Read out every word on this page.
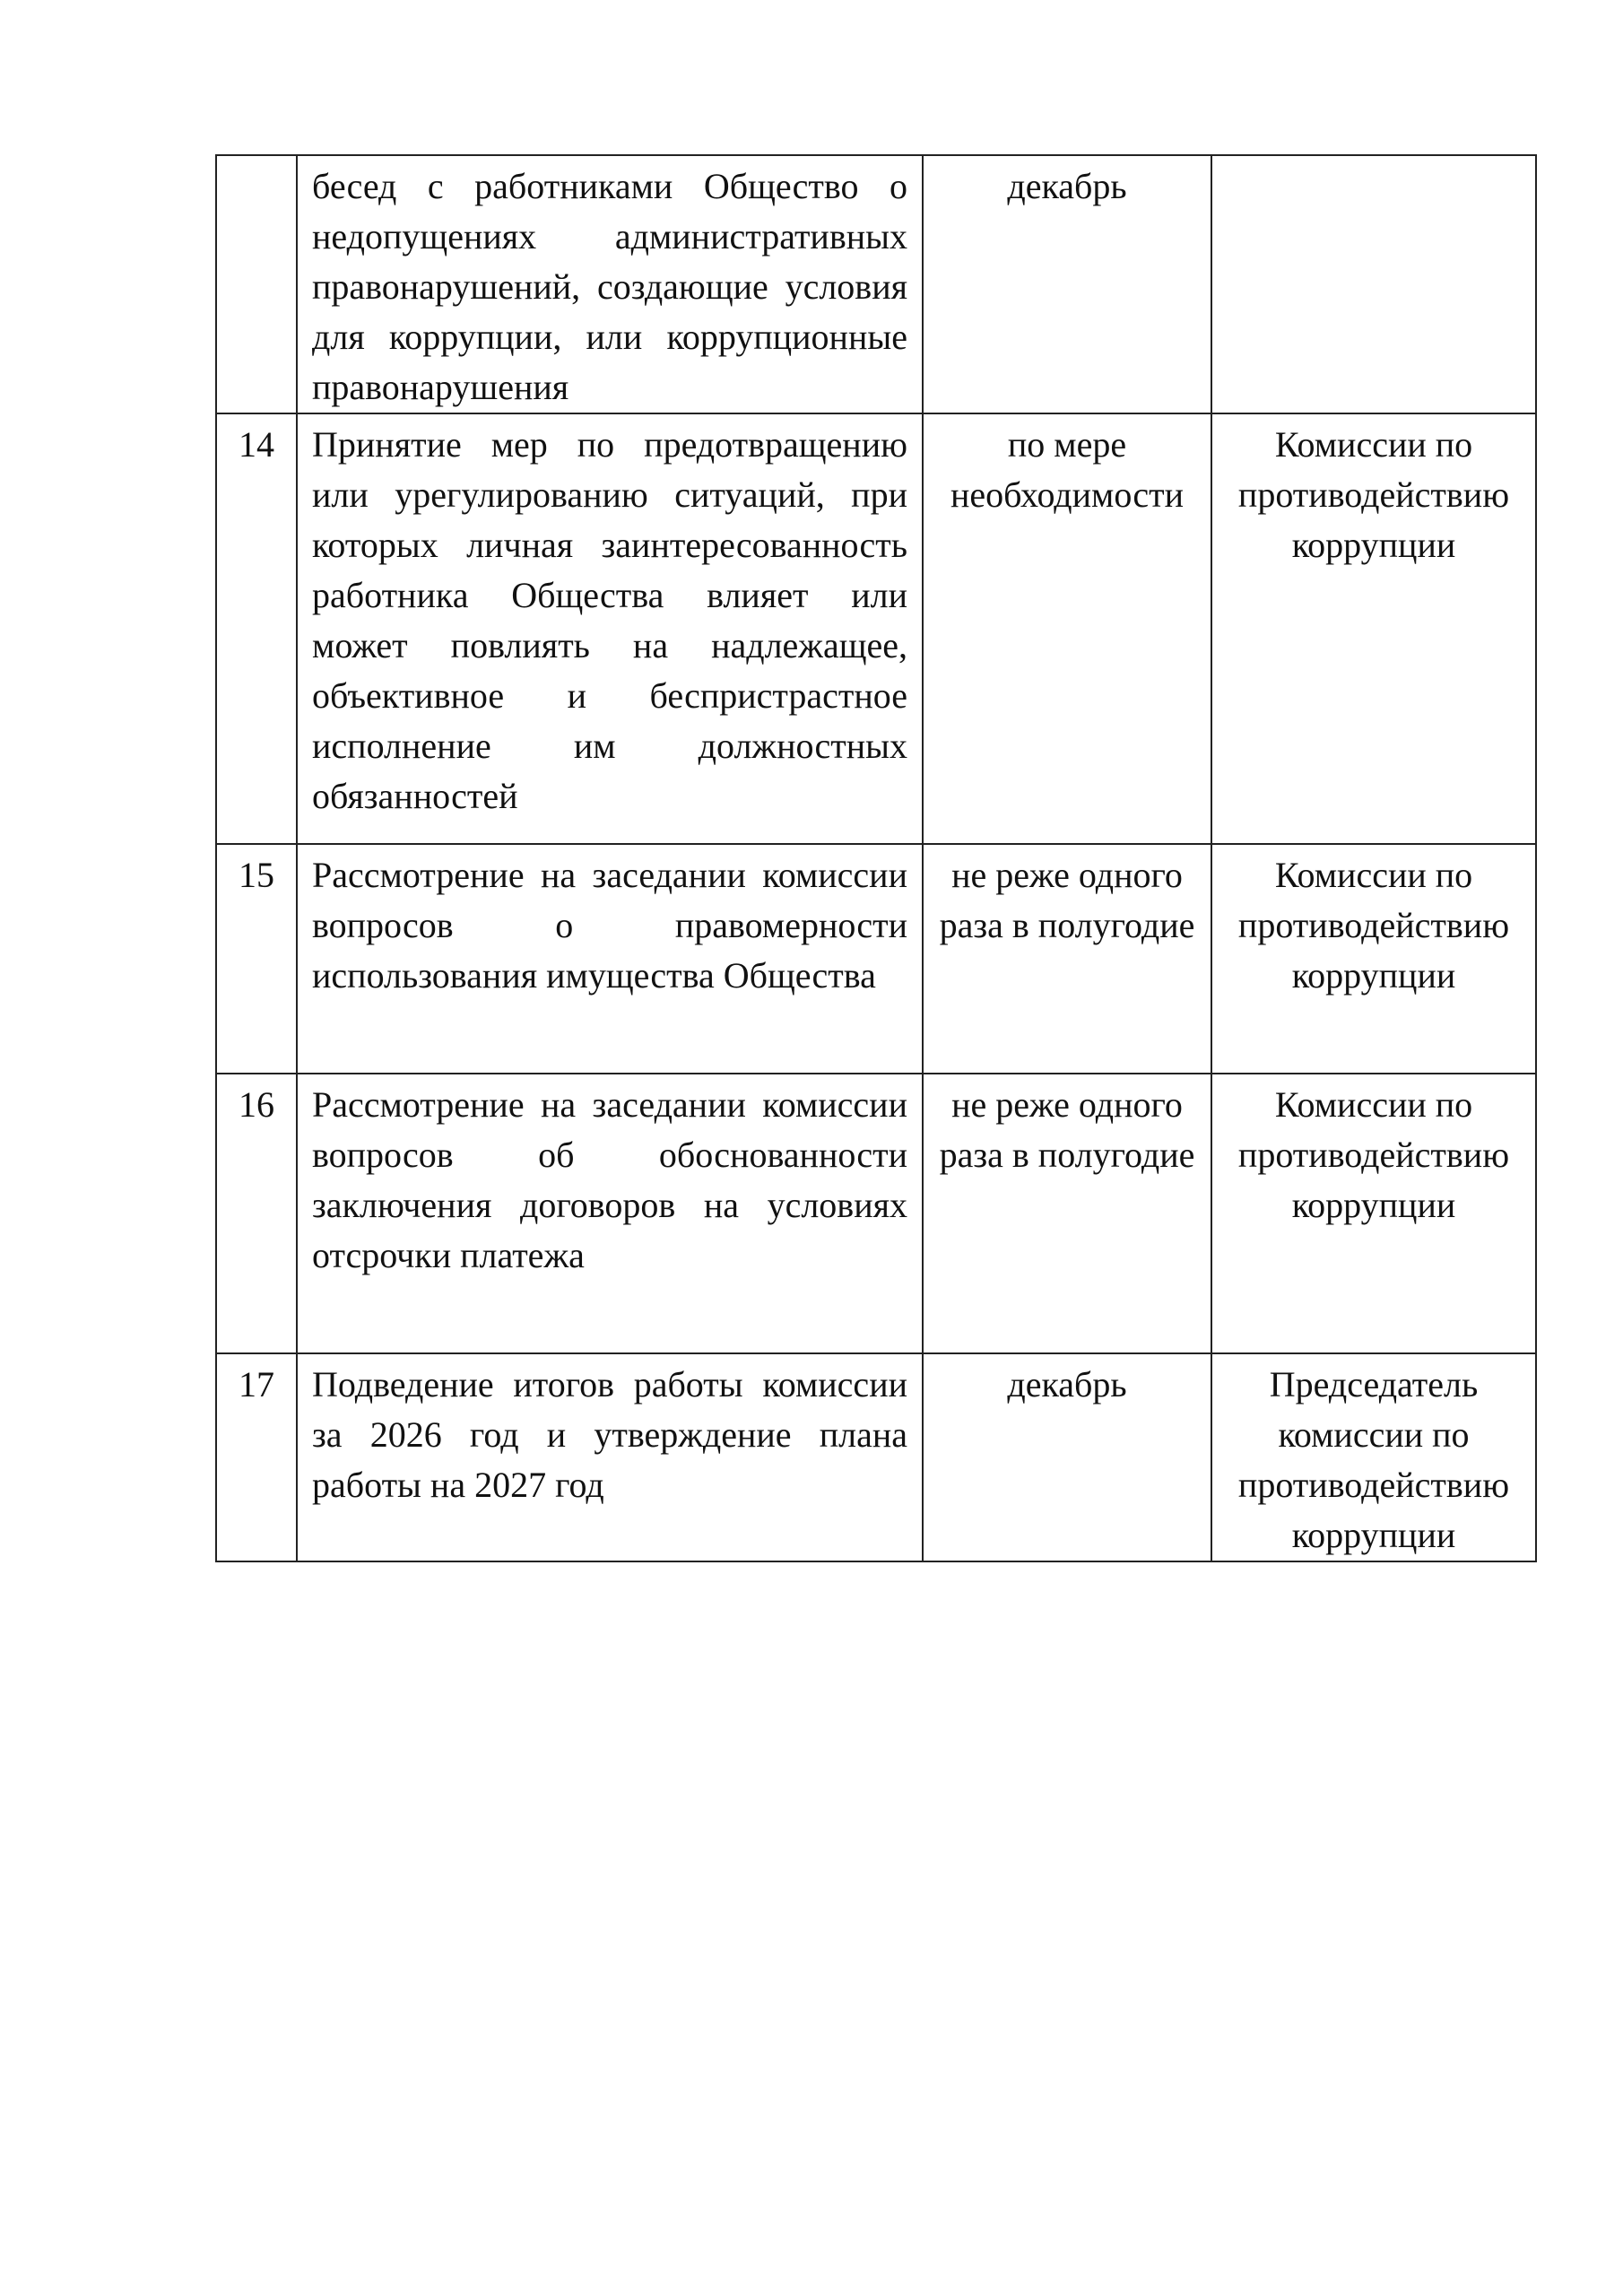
	бесед с работниками Общество о недопущениях административных правонарушений, создающие условия для коррупции, или коррупционные правонарушения	декабрь	
14	Принятие мер по предотвращению или урегулированию ситуаций, при которых личная заинтересованность работника Общества влияет или может повлиять на надлежащее, объективное и беспристрастное исполнение им должностных обязанностей	по мере необходимости	Комиссии по противодействию коррупции
15	Рассмотрение на заседании комиссии вопросов о правомерности использования имущества Общества	не реже одного раза в полугодие	Комиссии по противодействию коррупции
16	Рассмотрение на заседании комиссии вопросов об обоснованности заключения договоров на условиях отсрочки платежа	не реже одного раза в полугодие	Комиссии по противодействию коррупции
17	Подведение итогов работы комиссии за 2026 год и утверждение плана работы на 2027 год	декабрь	Председатель комиссии по противодействию коррупции
